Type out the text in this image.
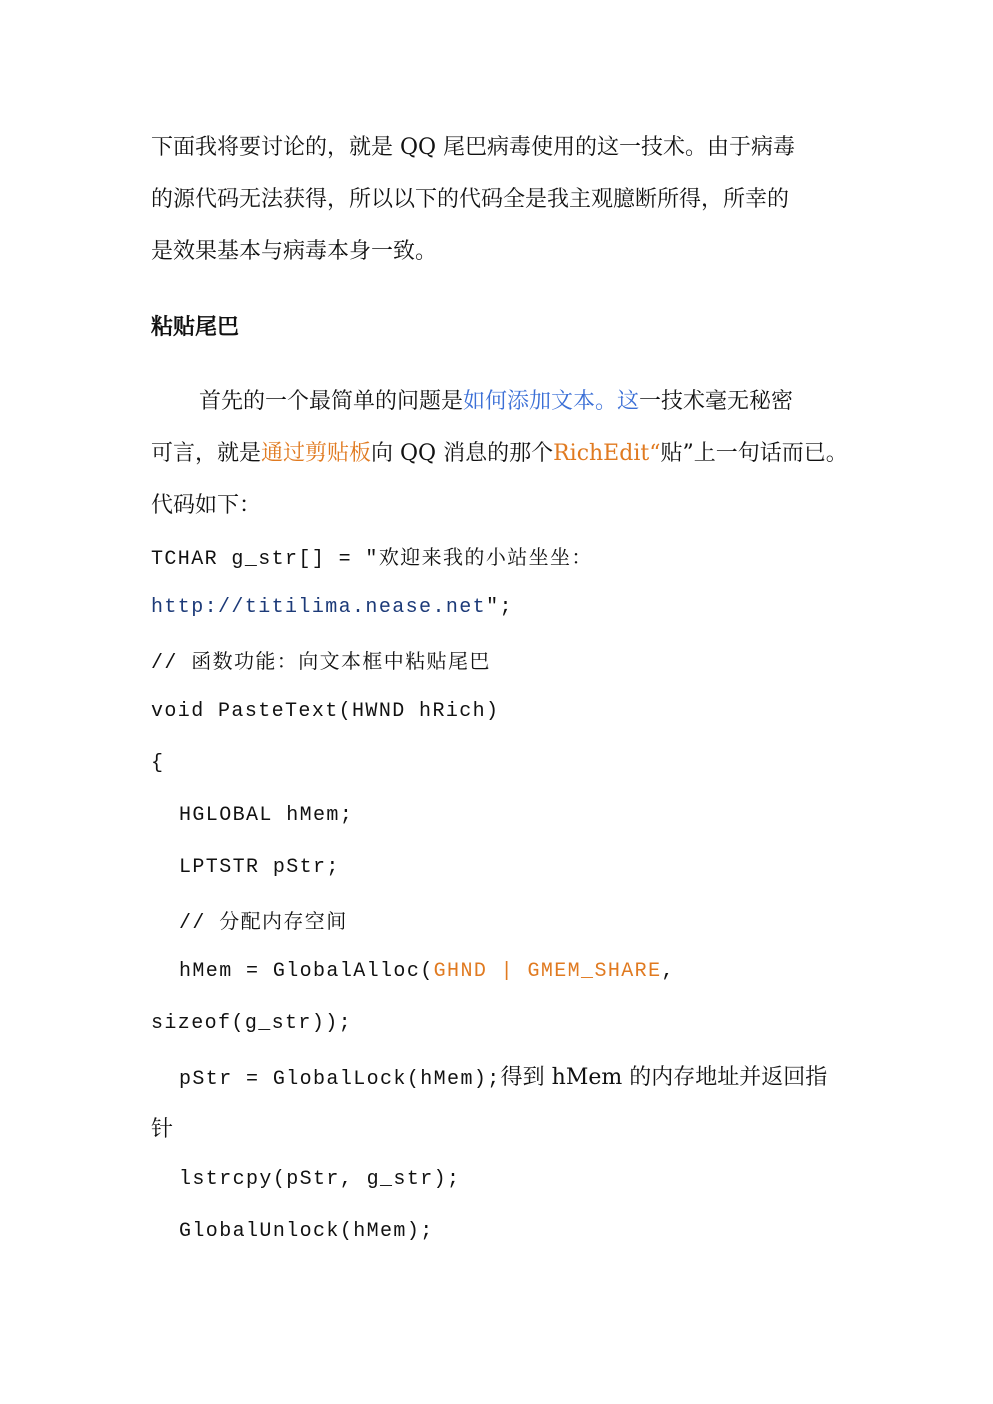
下面我将要讨论的，就是 QQ 尾巴病毒使用的这一技术。由于病毒
的源代码无法获得，所以以下的代码全是我主观臆断所得，所幸的
是效果基本与病毒本身一致。
粘贴尾巴
首先的一个最简单的问题是如何添加文本。这一技术毫无秘密
可言，就是通过剪贴板向 QQ 消息的那个RichEdit“贴”上一句话而已。
代码如下：
TCHAR g_str[] = "欢迎来我的小站坐坐：
http://titilima.nease.net";
// 函数功能：向文本框中粘贴尾巴
void PasteText(HWND hRich)
{
HGLOBAL hMem;
LPTSTR pStr;
// 分配内存空间
hMem = GlobalAlloc(GHND | GMEM_SHARE,
sizeof(g_str));
pStr = GlobalLock(hMem);得到 hMem 的内存地址并返回指
针
lstrcpy(pStr, g_str);
GlobalUnlock(hMem);
